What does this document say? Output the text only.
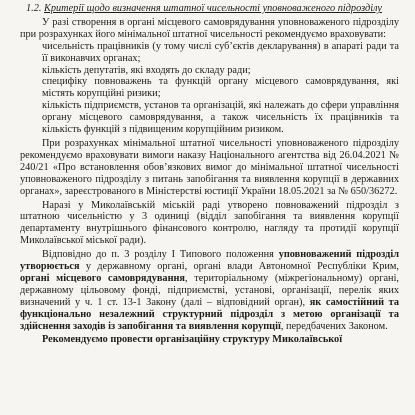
1.2. Критерії щодо визначення штатної чисельності уповноваженого підрозділу

У разі створення в органі місцевого самоврядування уповноваженого підрозділу при розрахунках його мінімальної штатної чисельності рекомендуємо враховувати:

чисельність працівників (у тому числі суб’єктів декларування) в апараті ради та її виконавчих органах;

кількість депутатів, які входять до складу ради;

специфіку повноважень та функцій органу місцевого самоврядування, які містять корупційні ризики;

кількість підприємств, установ та організацій, які належать до сфери управління органу місцевого самоврядування, а також чисельність їх працівників та кількість функцій з підвищеним корупційним ризиком.

При розрахунках мінімальної штатної чисельності уповноваженого підрозділу рекомендуємо враховувати вимоги наказу Національного агентства від 26.04.2021 № 240/21 «Про встановлення обов’язкових вимог до мінімальної штатної чисельності уповноваженого підрозділу з питань запобігання та виявлення корупції в державних органах», зареєстрованого в Міністерстві юстиції України 18.05.2021 за № 650/36272.

Наразі у Миколаївській міській раді утворено повноважений підрозділ з штатною чисельністю у 3 одиниці (відділ запобігання та виявлення корупції департаменту внутрішнього фінансового контролю, нагляду та протидії корупції Миколаївської міської ради).

Відповідно до п. 3 розділу І Типового положення уповноважений підрозділ утворюється у державному органі, органі влади Автономної Республіки Крим, органі місцевого самоврядування, територіальному (міжрегіональному) органі, державному цільовому фонді, підприємстві, установі, організації, перелік яких визначений у ч. 1 ст. 13-1 Закону (далі – відповідний орган), як самостійний та функціонально незалежний структурний підрозділ з метою організації та здійснення заходів із запобігання та виявлення корупції, передбачених Законом.

Рекомендуємо провести організаційну структуру Миколаївської
